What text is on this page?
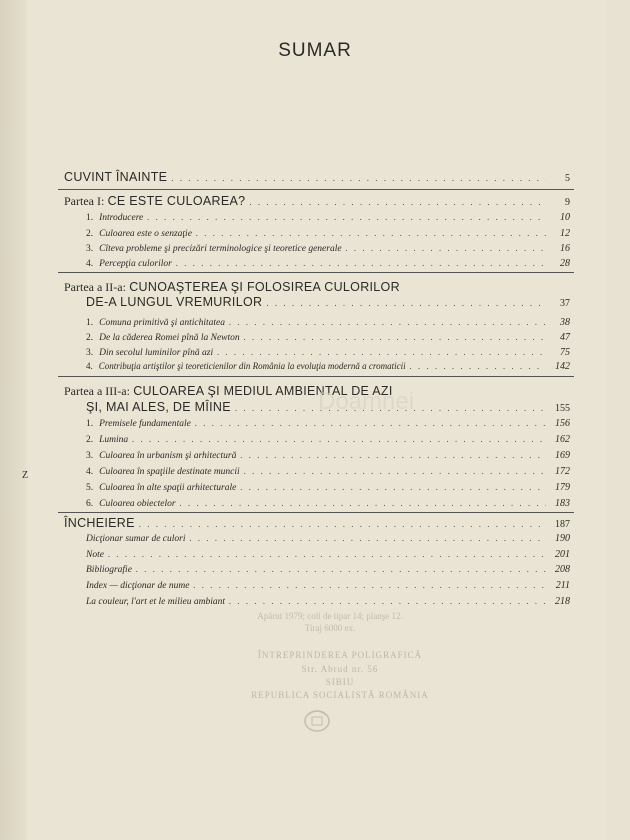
Z
SUMAR
CUVINT ÎNAINTE . . .	5
Partea I: CE ESTE CULOAREA? . . .	9
1. Introducere . . .	10
2. Culoarea este o senzaţie . . .	12
3. Cîteva probleme şi precizări terminologice şi teoretice generale . . .	16
4. Percepţia culorilor . . .	28
Partea a II-a: CUNOAŞTEREA ŞI FOLOSIREA CULORILOR
DE-A LUNGUL VREMURILOR . . .	37
1. Comuna primitivă şi antichitatea . . .	38
2. De la căderea Romei pînă la Newton . . .	47
3. Din secolul luminilor pînă azi . . .	75
4. Contribuţia artiştilor şi teoreticienilor din România la evoluţia modernă a cromaticii . . .	142
Partea a III-a: CULOAREA ŞI MEDIUL AMBIENTAL DE AZI
ŞI, MAI ALES, DE MÎINE . . .	155
1. Premisele fundamentale . . .	156
2. Lumina . . .	162
3. Culoarea în urbanism şi arhitectură . . .	169
4. Culoarea în spaţiile destinate muncii . . .	172
5. Culoarea în alte spaţii arhitecturale . . .	179
6. Culoarea obiectelor . . .	183
ÎNCHEIERE . . .	187
Dicţionar sumar de culori . . .	190
Note . . .	201
Bibliografie . . .	208
Index — dicţionar de nume . . .	211
La couleur, l'art et le milieu ambiant . . .	218
Apărut 1979; coli de tipar 14; planşe 12.
Tiraj 6000 ex.
ÎNTREPRINDEREA POLIGRAFICĂ
Str. Abrud nr. 56
SIBIU
REPUBLICA SOCIALISTĂ ROMÂNIA
Doamnei
